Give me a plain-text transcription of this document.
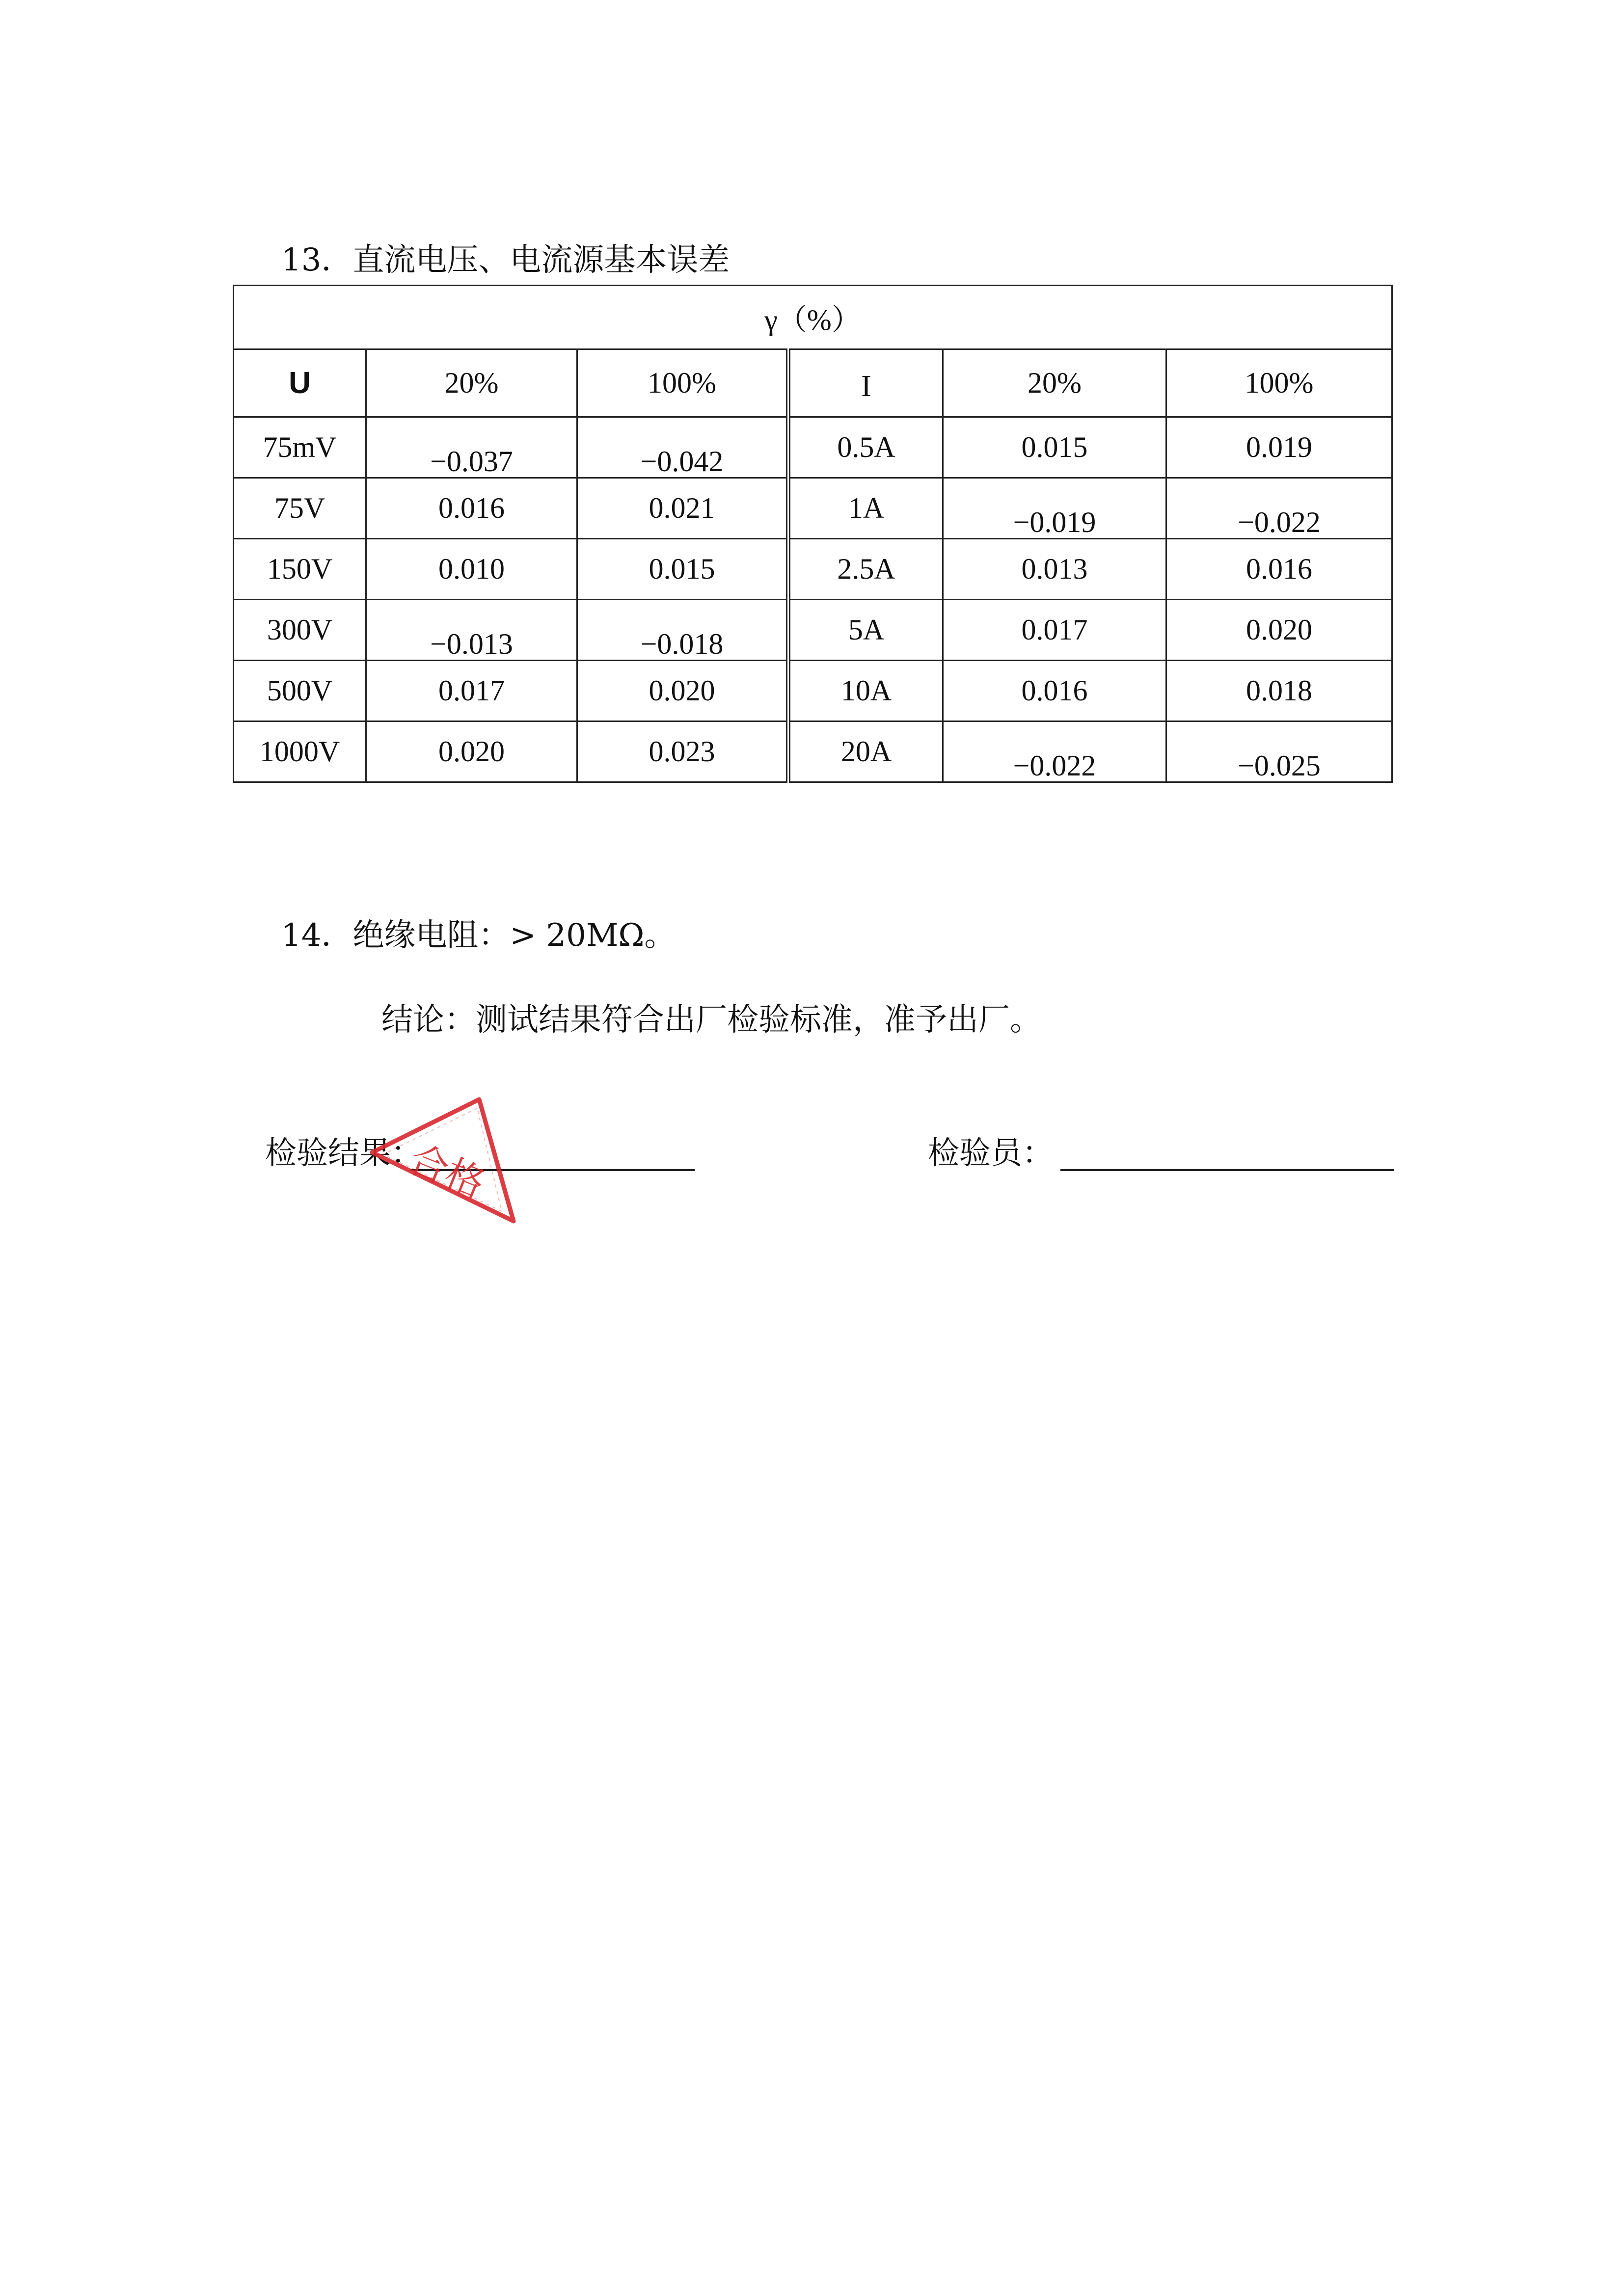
13．直流电压、电流源基本误差
γ（%）					
U	20%	100%	I	20%	100%
75mV	−0.037	−0.042	0.5A	0.015	0.019
75V	0.016	0.021	1A	−0.019	−0.022
150V	0.010	0.015	2.5A	0.013	0.016
300V	−0.013	−0.018	5A	0.017	0.020
500V	0.017	0.020	10A	0.016	0.018
1000V	0.020	0.023	20A	−0.022	−0.025
14．绝缘电阻：> 20MΩ。
结论：测试结果符合出厂检验标准，准予出厂。
检验结果：	检验员：
合格
